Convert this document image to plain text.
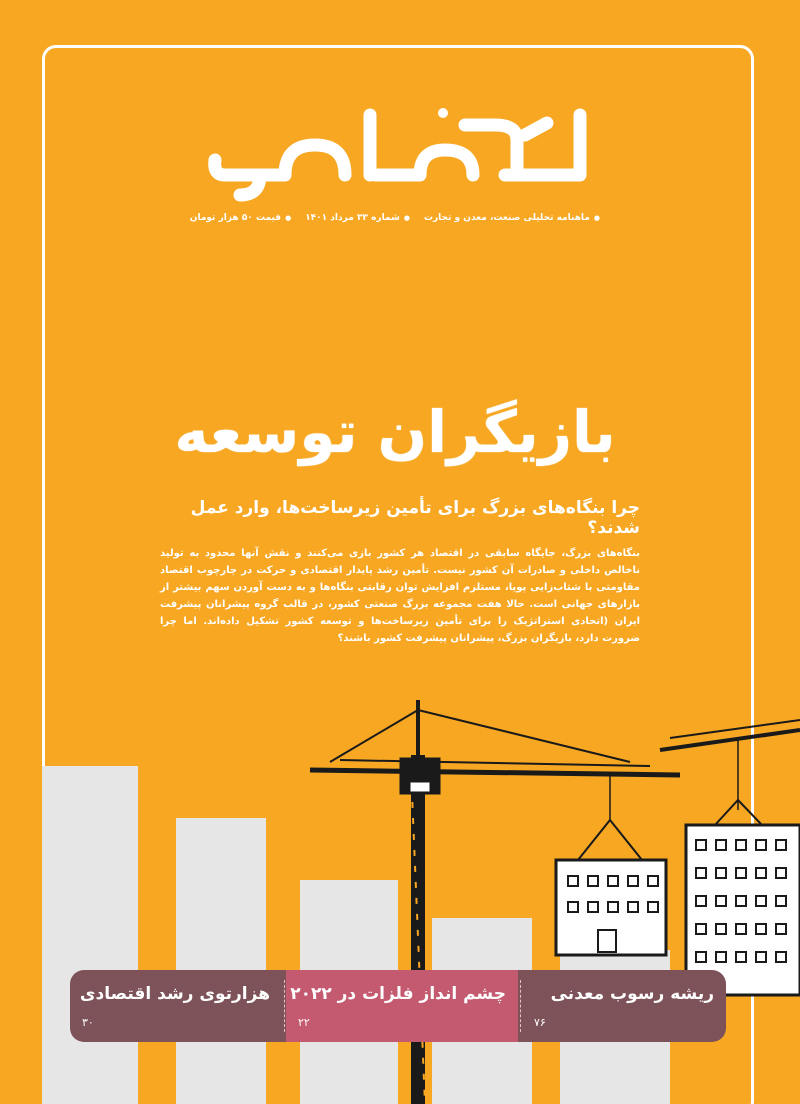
● ماهنامه تحلیلی صنعت، معدن و تجارت
● شماره ۳۳ مرداد ۱۴۰۱
● قیمت ۵۰ هزار تومان
بازیگران توسعه
چرا بنگاه‌های بزرگ برای تأمین زیرساخت‌ها، وارد عمل شدند؟
بنگاه‌های بزرگ، جایگاه سابقی در اقتصاد هر کشور بازی می‌کنند و نقش آنها محدود به تولید ناخالص داخلی و صادرات آن کشور نیست. تأمین رشد پایدار اقتصادی و حرکت در چارچوب اقتصاد مقاومتی با شتاب‌زایی پویا، مستلزم افزایش توان رقابتی بنگاه‌ها و به دست آوردن سهم بیشتر از بازارهای جهانی است. حالا هفت مجموعه بزرگ صنعتی کشور، در قالب گروه پیشرانان پیشرفت ایران (اتحادی استراتژیک را برای تأمین زیرساخت‌ها و توسعه کشور تشکیل داده‌اند. اما چرا ضرورت دارد، بازیگران بزرگ، پیشرانان پیشرفت کشور باشند؟
هزارتوی رشد اقتصادی
۳۰
چشم انداز فلزات در ۲۰۲۲
۲۲
ریشه رسوب معدنی
۷۶
